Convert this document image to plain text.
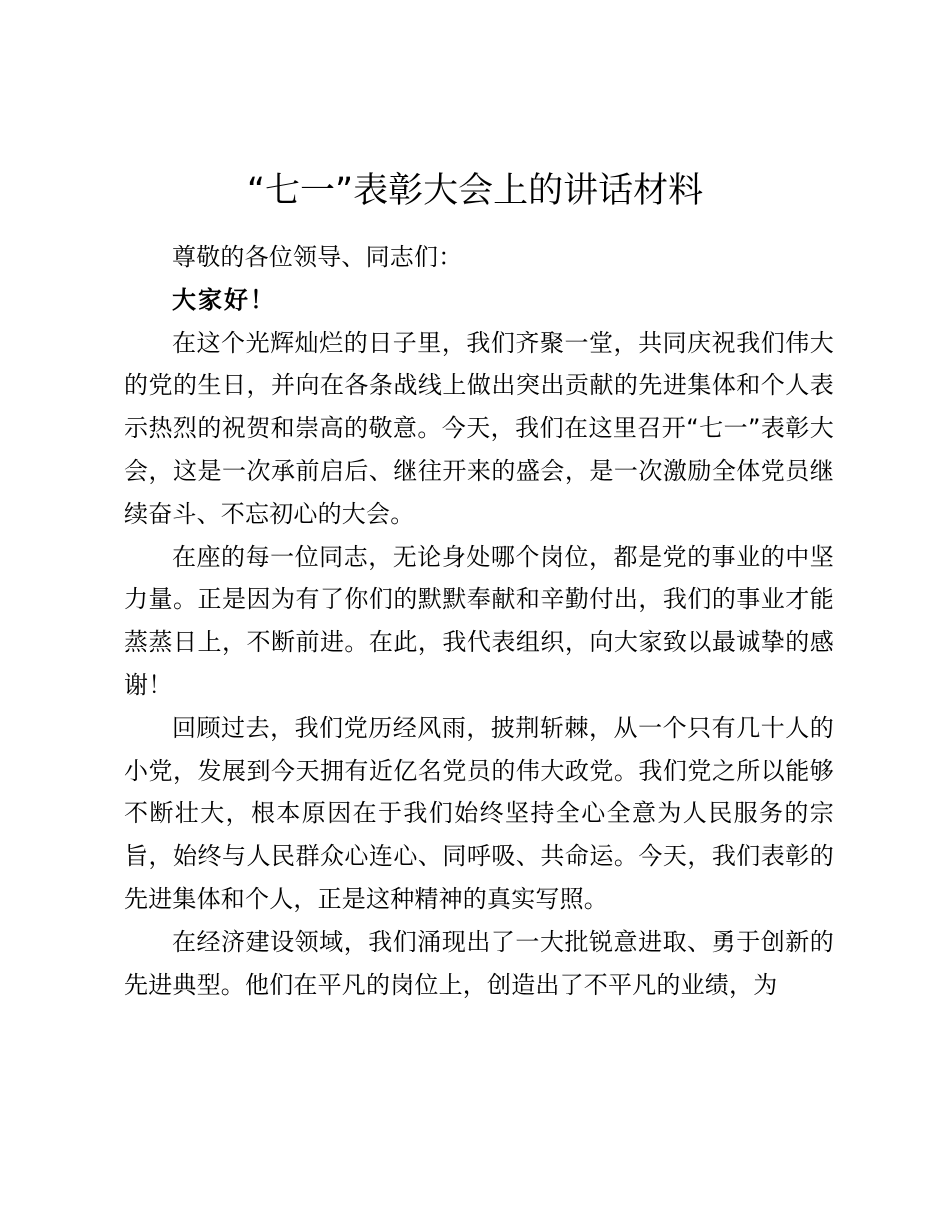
“七一”表彰大会上的讲话材料

尊敬的各位领导、同志们：

大家好！

在这个光辉灿烂的日子里，我们齐聚一堂，共同庆祝我们伟大的党的生日，并向在各条战线上做出突出贡献的先进集体和个人表示热烈的祝贺和崇高的敬意。今天，我们在这里召开“七一”表彰大会，这是一次承前启后、继往开来的盛会，是一次激励全体党员继续奋斗、不忘初心的大会。

在座的每一位同志，无论身处哪个岗位，都是党的事业的中坚力量。正是因为有了你们的默默奉献和辛勤付出，我们的事业才能蒸蒸日上，不断前进。在此，我代表组织，向大家致以最诚挚的感谢！

回顾过去，我们党历经风雨，披荆斩棘，从一个只有几十人的小党，发展到今天拥有近亿名党员的伟大政党。我们党之所以能够不断壮大，根本原因在于我们始终坚持全心全意为人民服务的宗旨，始终与人民群众心连心、同呼吸、共命运。今天，我们表彰的先进集体和个人，正是这种精神的真实写照。

在经济建设领域，我们涌现出了一大批锐意进取、勇于创新的先进典型。他们在平凡的岗位上，创造出了不平凡的业绩，为
